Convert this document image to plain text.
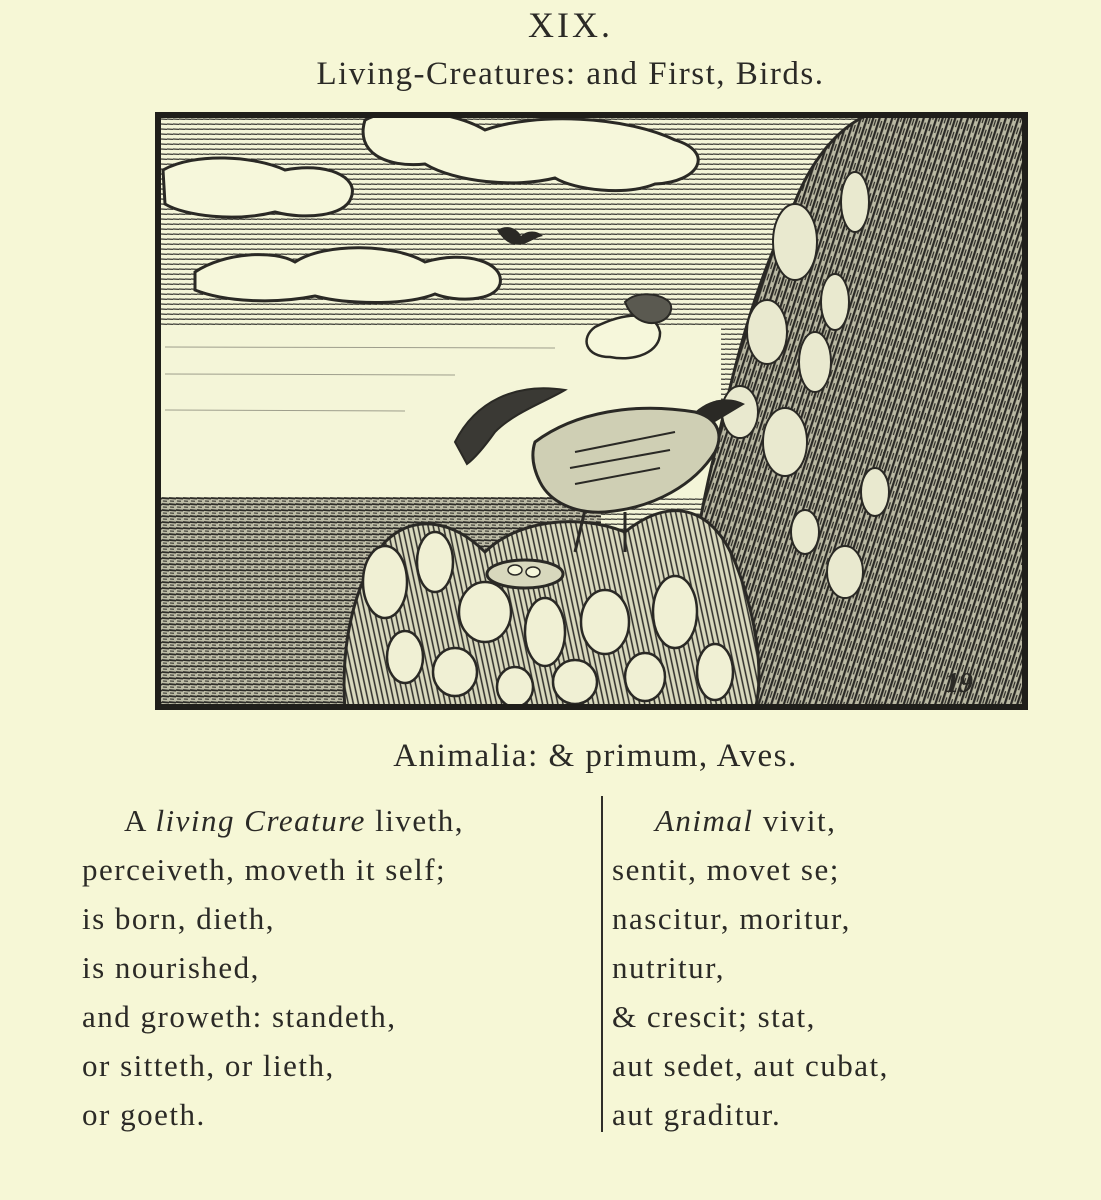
XIX.
Living-Creatures: and First, Birds.
19
Animalia: & primum, Aves.
A living Creature liveth,
perceiveth, moveth it self;
is born, dieth,
is nourished,
and groweth: standeth,
or sitteth, or lieth,
or goeth.
Animal vivit,
sentit, movet se;
nascitur, moritur,
nutritur,
& crescit; stat,
aut sedet, aut cubat,
aut graditur.
